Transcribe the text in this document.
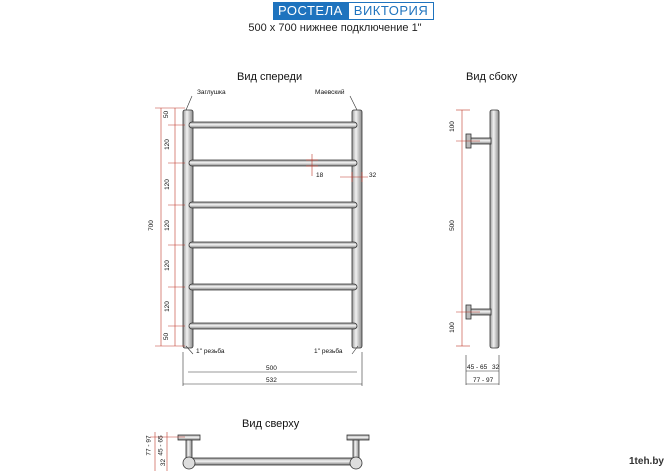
РОСТЕЛА ВИКТОРИЯ
500 x 700 нижнее подключение 1"
Вид спереди	Вид сбоку
Вид сверху
Заглушка	Маевский
1'' резьба	1'' резьба
700
50
120
120
120
120
120
50
18	32
500
532
100
500
100
45 - 65 32
77 - 97
77 - 97 45 - 65
32	1teh.by
